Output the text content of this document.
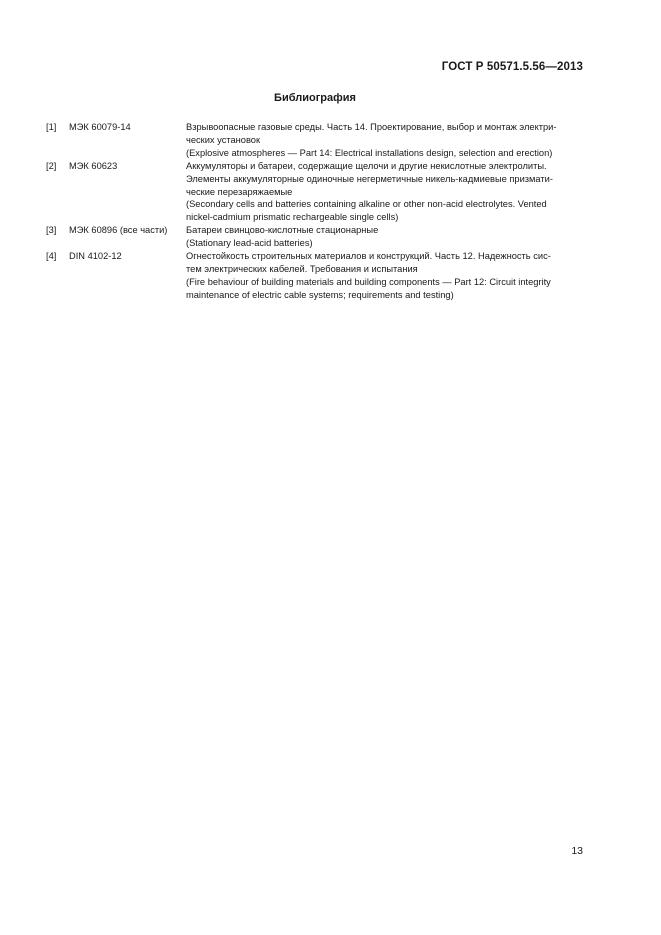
ГОСТ Р 50571.5.56—2013
Библиография
[1]	МЭК 60079-14	Взрывоопасные газовые среды. Часть 14. Проектирование, выбор и монтаж электри-
ческих установок
(Explosive atmospheres — Part 14: Electrical installations design, selection and erection)
[2]	МЭК 60623	Аккумуляторы и батареи, содержащие щелочи и другие некислотные электролиты.
Элементы аккумуляторные одиночные негерметичные никель-кадмиевые призмати-
ческие перезаряжаемые
(Secondary cells and batteries containing alkaline or other non-acid electrolytes. Vented
nickel-cadmium prismatic rechargeable single cells)
[3]	МЭК 60896 (все части)	Батареи свинцово-кислотные стационарные
(Stationary lead-acid batteries)
[4]	DIN 4102-12	Огнестойкость строительных материалов и конструкций. Часть 12. Надежность сис-
тем электрических кабелей. Требования и испытания
(Fire behaviour of building materials and building components — Part 12: Circuit integrity
maintenance of electric cable systems; requirements and testing)
13
